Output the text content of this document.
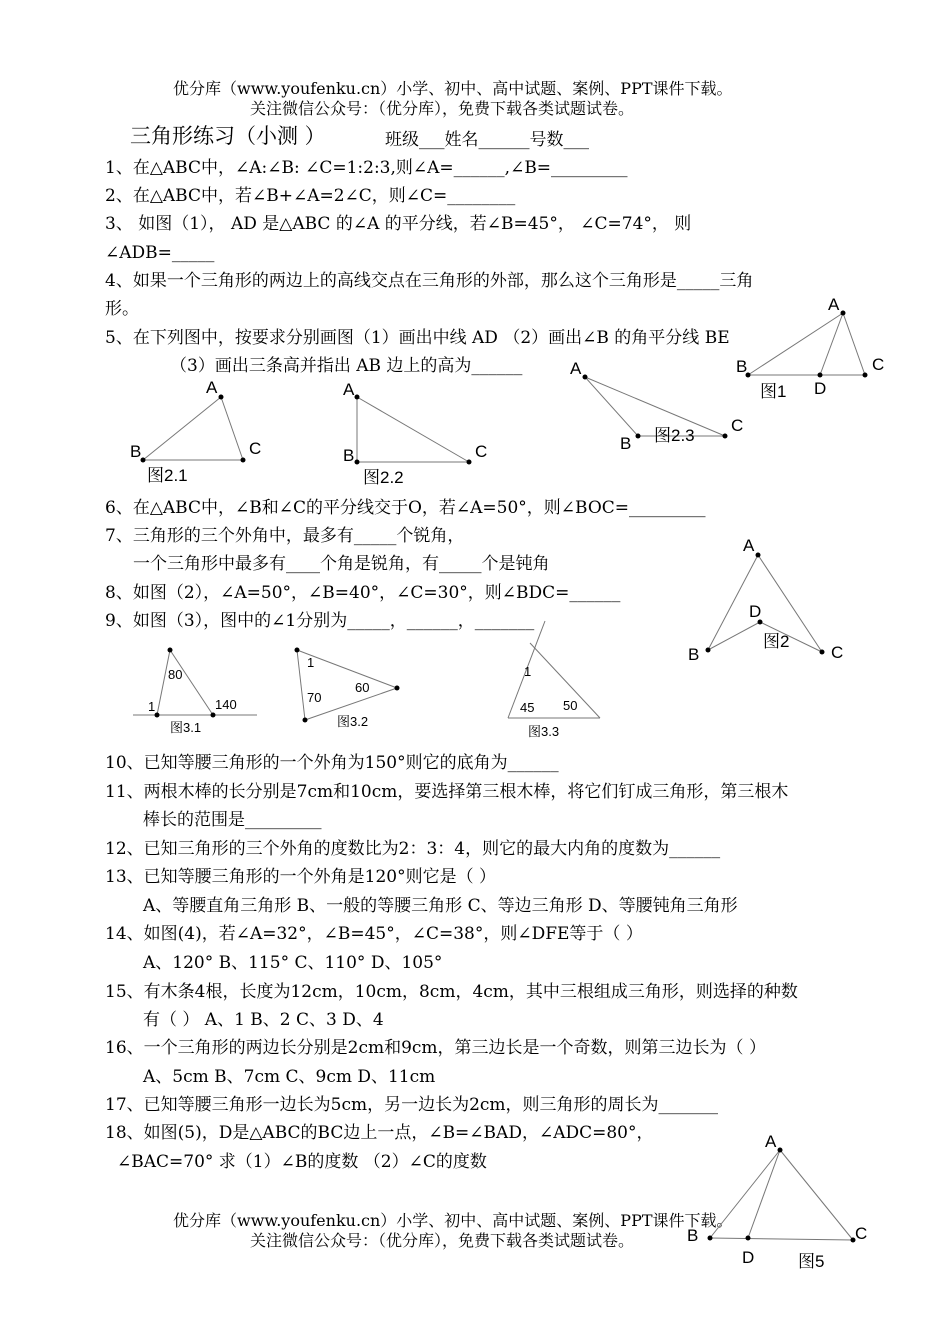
优分库（www.youfenku.cn）小学、初中、高中试题、案例、PPT课件下载。
关注微信公众号：（优分库），免费下载各类试题试卷。
优分库（www.youfenku.cn）小学、初中、高中试题、案例、PPT课件下载。
关注微信公众号：（优分库），免费下载各类试题试卷。
三角形练习（小测 ）	班级___姓名______号数___
1、在△ABC中，∠A:∠B: ∠C=1:2:3,则∠A=______,∠B=_________
2、在△ABC中，若∠B+∠A=2∠C，则∠C=________
3、 如图（1）， AD 是△ABC 的∠A 的平分线，若∠B=45°， ∠C=74°， 则
∠ADB=_____
4、如果一个三角形的两边上的高线交点在三角形的外部，那么这个三角形是_____三角
形。
5、在下列图中，按要求分别画图（1）画出中线 AD （2）画出∠B 的角平分线 BE
（3）画出三条高并指出 AB 边上的高为______
6、在△ABC中，∠B和∠C的平分线交于O，若∠A=50°，则∠BOC=_________
7、三角形的三个外角中，最多有_____个锐角，
一个三角形中最多有____个角是锐角，有_____个是钝角
8、如图（2），∠A=50°，∠B=40°，∠C=30°，则∠BDC=______
9、如图（3），图中的∠1分别为_____，______，_______
10、已知等腰三角形的一个外角为150°则它的底角为______
11、两根木棒的长分别是7cm和10cm，要选择第三根木棒，将它们钉成三角形，第三根木
棒长的范围是_________
12、已知三角形的三个外角的度数比为2：3：4，则它的最大内角的度数为______
13、已知等腰三角形的一个外角是120°则它是（ ）
A、等腰直角三角形 B、一般的等腰三角形 C、等边三角形 D、等腰钝角三角形
14、如图(4)，若∠A=32°，∠B=45°，∠C=38°，则∠DFE等于（ ）
A、120° B、115° C、110° D、105°
15、有木条4根，长度为12cm，10cm，8cm，4cm，其中三根组成三角形，则选择的种数
有（ ） A、1 B、2 C、3 D、4
16、一个三角形的两边长分别是2cm和9cm，第三边长是一个奇数，则第三边长为（ ）
A、5cm B、7cm C、9cm D、11cm
17、已知等腰三角形一边长为5cm，另一边长为2cm，则三角形的周长为_______
18、如图(5)，D是△ABC的BC边上一点，∠B=∠BAD，∠ADC=80°，
∠BAC=70° 求（1）∠B的度数 （2）∠C的度数
A
B	C
D
图1
A
B	C
图2.1
A
B	C
图2.2
A
B
C
图2.3
A
B	C
D
图2
80
140
1
图3.1
1
70
60
图3.2
1
45 50
图3.3
A
B	C
D	图5
